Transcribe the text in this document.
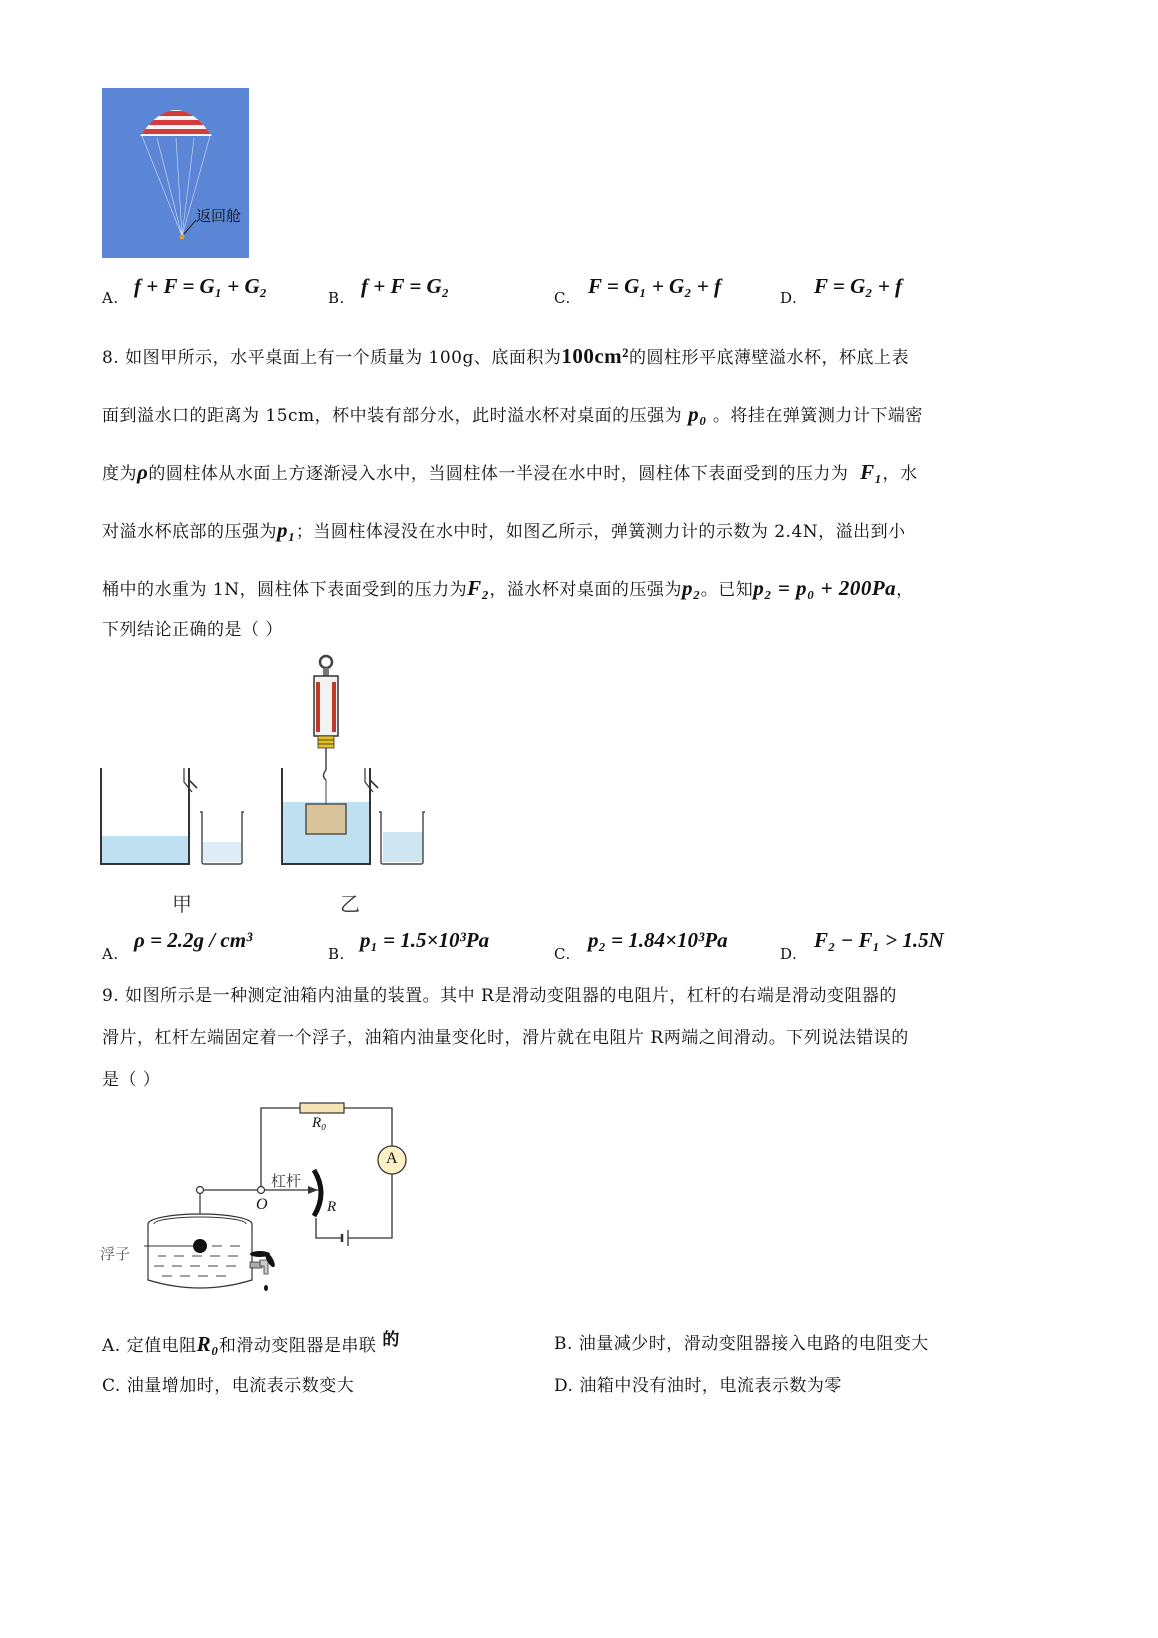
返回舱
A. f + F = G₁ + G₂	B. f + F = G₂	C. F = G₁ + G₂ + f	D. F = G₂ + f
8. 如图甲所示，水平桌面上有一个质量为 100g、底面积为100cm²的圆柱形平底薄壁溢水杯，杯底上表
面到溢水口的距离为 15cm，杯中装有部分水，此时溢水杯对桌面的压强为 p₀ 。将挂在弹簧测力计下端密
度为ρ的圆柱体从水面上方逐渐浸入水中，当圆柱体一半浸在水中时，圆柱体下表面受到的压力为 F₁，水
对溢水杯底部的压强为p₁；当圆柱体浸没在水中时，如图乙所示，弹簧测力计的示数为 2.4N，溢出到小
桶中的水重为 1N，圆柱体下表面受到的压力为F₂，溢水杯对桌面的压强为p₂。已知p₂ = p₀ + 200Pa，
下列结论正确的是（ ）
甲	乙
A.
ρ = 2.2g / cm³
B.
p₁ = 1.5×10³Pa
C.
p₂ = 1.84×10³Pa
D.
F₂ − F₁ > 1.5N
9. 如图所示是一种测定油箱内油量的装置。其中 R是滑动变阻器的电阻片，杠杆的右端是滑动变阻器的
滑片，杠杆左端固定着一个浮子，油箱内油量变化时，滑片就在电阻片 R两端之间滑动。下列说法错误的
是（ ）
R₀
A
杠杆
O	R
浮子
A. 定值电阻R₀和滑动变阻器是串联 的	B. 油量减少时，滑动变阻器接入电路的电阻变大
C. 油量增加时，电流表示数变大	D. 油箱中没有油时，电流表示数为零
